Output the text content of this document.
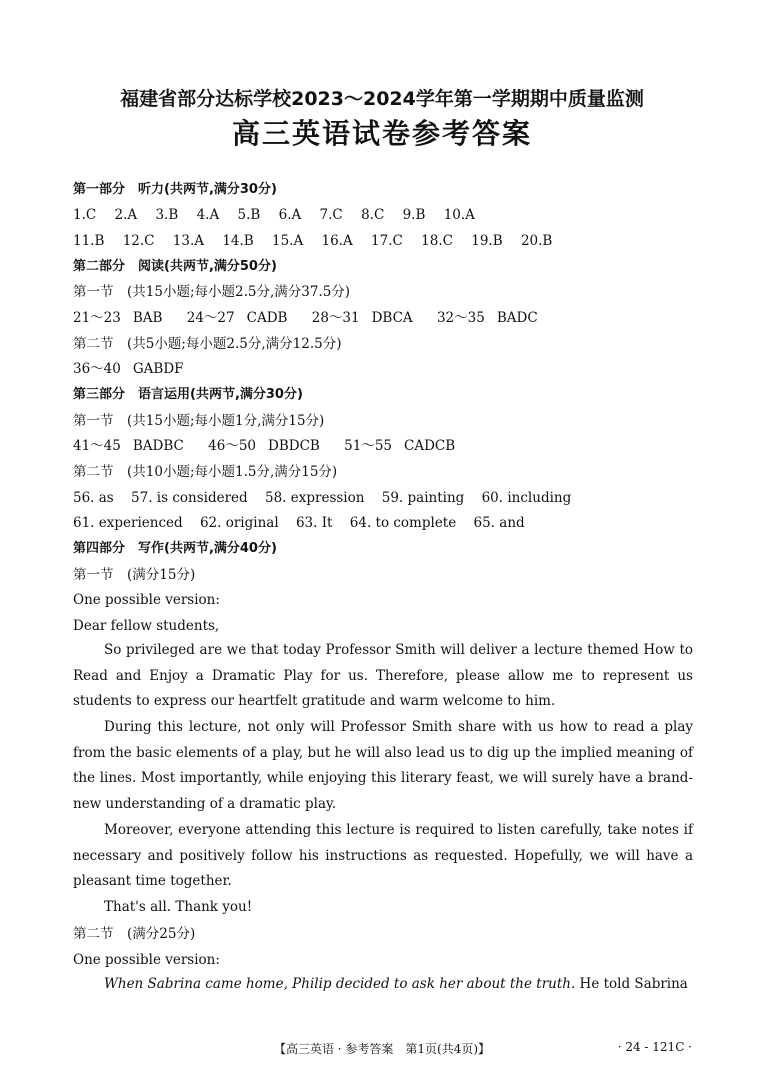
福建省部分达标学校2023～2024学年第一学期期中质量监测
高三英语试卷参考答案
第一部分　听力(共两节,满分30分)
1.C 2.A 3.B 4.A 5.B 6.A 7.C 8.C 9.B 10.A
11.B 12.C 13.A 14.B 15.A 16.A 17.C 18.C 19.B 20.B
第二部分　阅读(共两节,满分50分)
第一节　(共15小题;每小题2.5分,满分37.5分)
21～23 BAB 24～27 CADB 28～31 DBCA 32～35 BADC
第二节　(共5小题;每小题2.5分,满分12.5分)
36～40 GABDF
第三部分　语言运用(共两节,满分30分)
第一节　(共15小题;每小题1分,满分15分)
41～45 BADBC 46～50 DBDCB 51～55 CADCB
第二节　(共10小题;每小题1.5分,满分15分)
56. as 57. is considered 58. expression 59. painting 60. including
61. experienced 62. original 63. It 64. to complete 65. and
第四部分　写作(共两节,满分40分)
第一节　(满分15分)
One possible version:
Dear fellow students,
So privileged are we that today Professor Smith will deliver a lecture themed How to Read and Enjoy a Dramatic Play for us. Therefore, please allow me to represent us students to express our heartfelt gratitude and warm welcome to him.
During this lecture, not only will Professor Smith share with us how to read a play from the basic elements of a play, but he will also lead us to dig up the implied meaning of the lines. Most importantly, while enjoying this literary feast, we will surely have a brand-new understanding of a dramatic play.
Moreover, everyone attending this lecture is required to listen carefully, take notes if necessary and positively follow his instructions as requested. Hopefully, we will have a pleasant time together.
That's all. Thank you!
第二节　(满分25分)
One possible version:
When Sabrina came home, Philip decided to ask her about the truth. He told Sabrina
【高三英语 · 参考答案　第1页(共4页)】	· 24 - 121C ·
